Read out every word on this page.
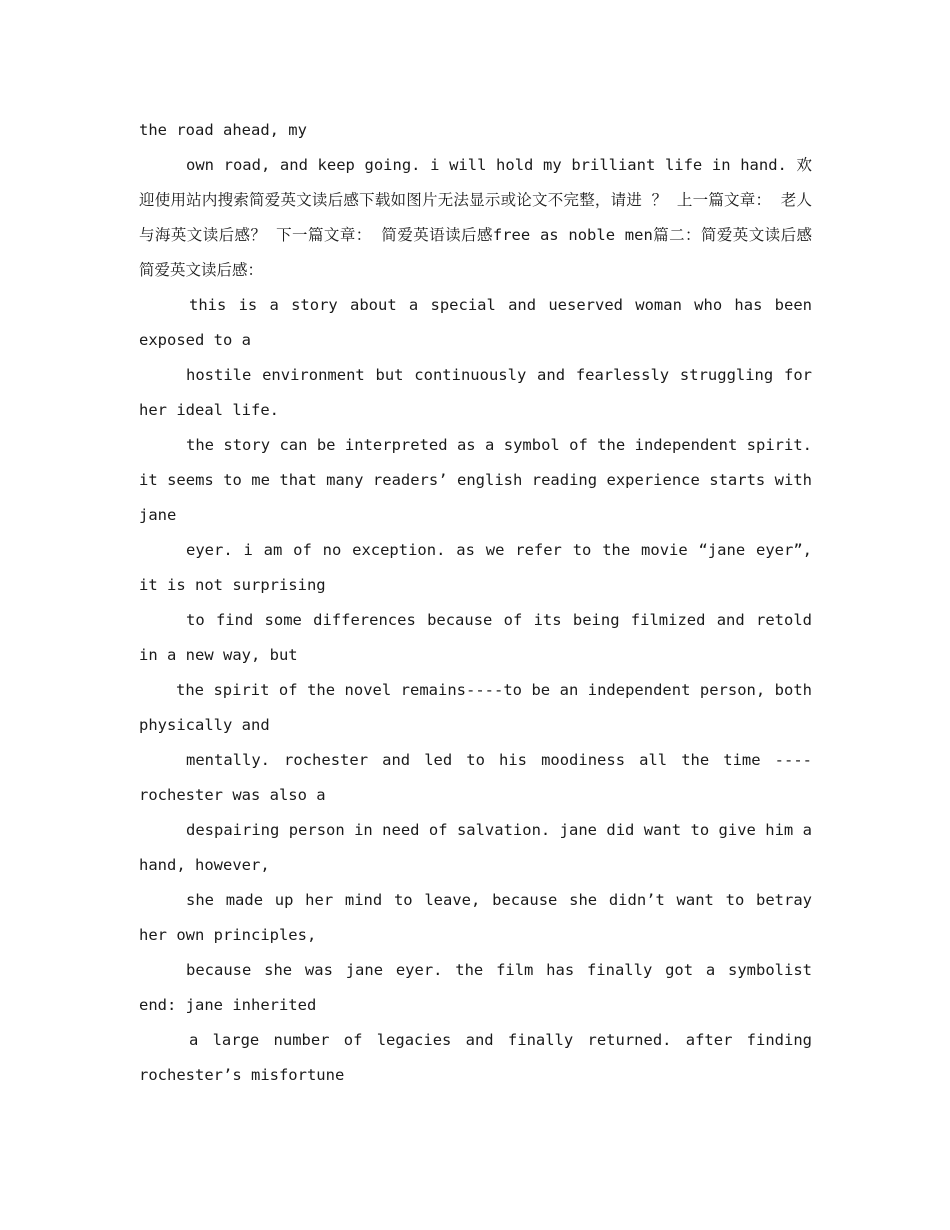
the road ahead, my

own road, and keep going. i will hold my brilliant life in hand. 欢迎使用站内搜索简爱英文读后感下载如图片无法显示或论文不完整，请进 ？ 上一篇文章： 老人与海英文读后感？ 下一篇文章： 简爱英语读后感free as noble men篇二：简爱英文读后感 简爱英文读后感：

this is a story about a special and ueserved woman who has been exposed to a

hostile environment but continuously and fearlessly struggling for her ideal life.

the story can be interpreted as a symbol of the independent spirit. it seems to me that many readers’ english reading experience starts with jane

eyer. i am of no exception. as we refer to the movie “jane eyer”, it is not surprising

to find some differences because of its being filmized and retold in a new way, but

the spirit of the novel remains----to be an independent person, both physically and

mentally. rochester and led to his moodiness all the time ---- rochester was also a

despairing person in need of salvation. jane did want to give him a hand, however,

she made up her mind to leave, because she didn’t want to betray her own principles,

because she was jane eyer. the film has finally got a symbolist end: jane inherited

a large number of legacies and finally returned. after finding rochester’s misfortune
